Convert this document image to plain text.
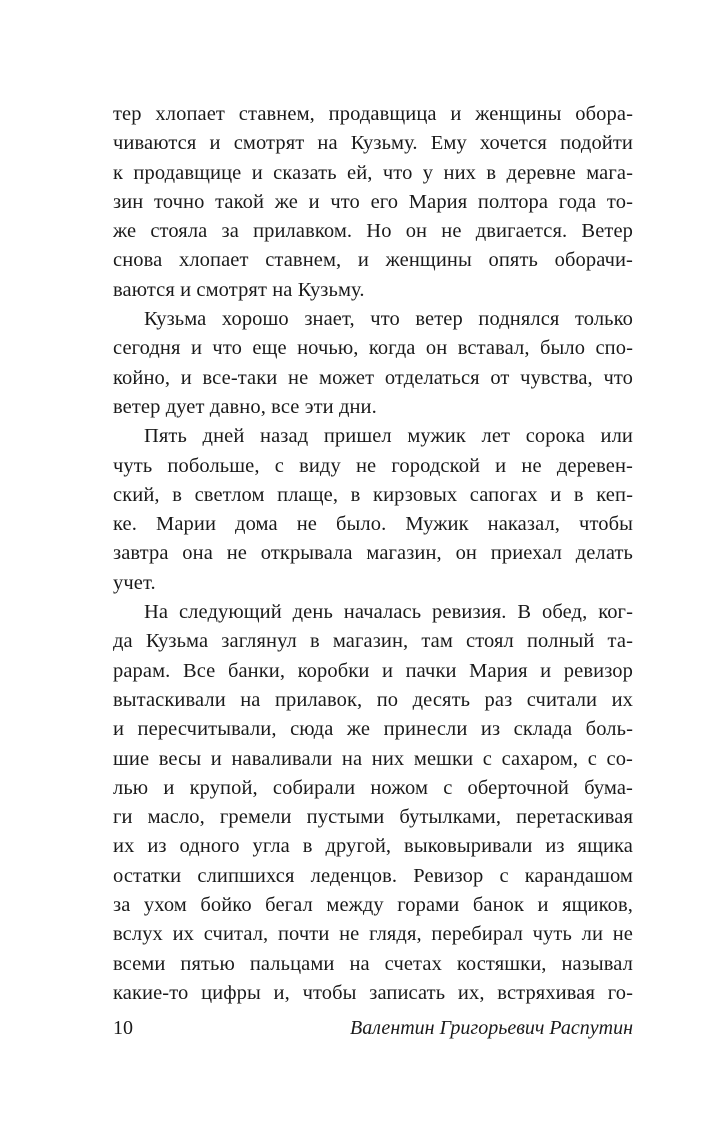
тер хлопает ставнем, продавщица и женщины обора-
чиваются и смотрят на Кузьму. Ему хочется подойти
к продавщице и сказать ей, что у них в деревне мага-
зин точно такой же и что его Мария полтора года то-
же стояла за прилавком. Но он не двигается. Ветер
снова хлопает ставнем, и женщины опять оборачи-
ваются и смотрят на Кузьму.
Кузьма хорошо знает, что ветер поднялся только
сегодня и что еще ночью, когда он вставал, было спо-
койно, и все-таки не может отделаться от чувства, что
ветер дует давно, все эти дни.
Пять дней назад пришел мужик лет сорока или
чуть побольше, с виду не городской и не деревен-
ский, в светлом плаще, в кирзовых сапогах и в кеп-
ке. Марии дома не было. Мужик наказал, чтобы
завтра она не открывала магазин, он приехал делать
учет.
На следующий день началась ревизия. В обед, ког-
да Кузьма заглянул в магазин, там стоял полный та-
рарам. Все банки, коробки и пачки Мария и ревизор
вытаскивали на прилавок, по десять раз считали их
и пересчитывали, сюда же принесли из склада боль-
шие весы и наваливали на них мешки с сахаром, с со-
лью и крупой, собирали ножом с оберточной бума-
ги масло, гремели пустыми бутылками, перетаскивая
их из одного угла в другой, выковыривали из ящика
остатки слипшихся леденцов. Ревизор с карандашом
за ухом бойко бегал между горами банок и ящиков,
вслух их считал, почти не глядя, перебирал чуть ли не
всеми пятью пальцами на счетах костяшки, называл
какие-то цифры и, чтобы записать их, встряхивая го-
10	Валентин Григорьевич Распутин
